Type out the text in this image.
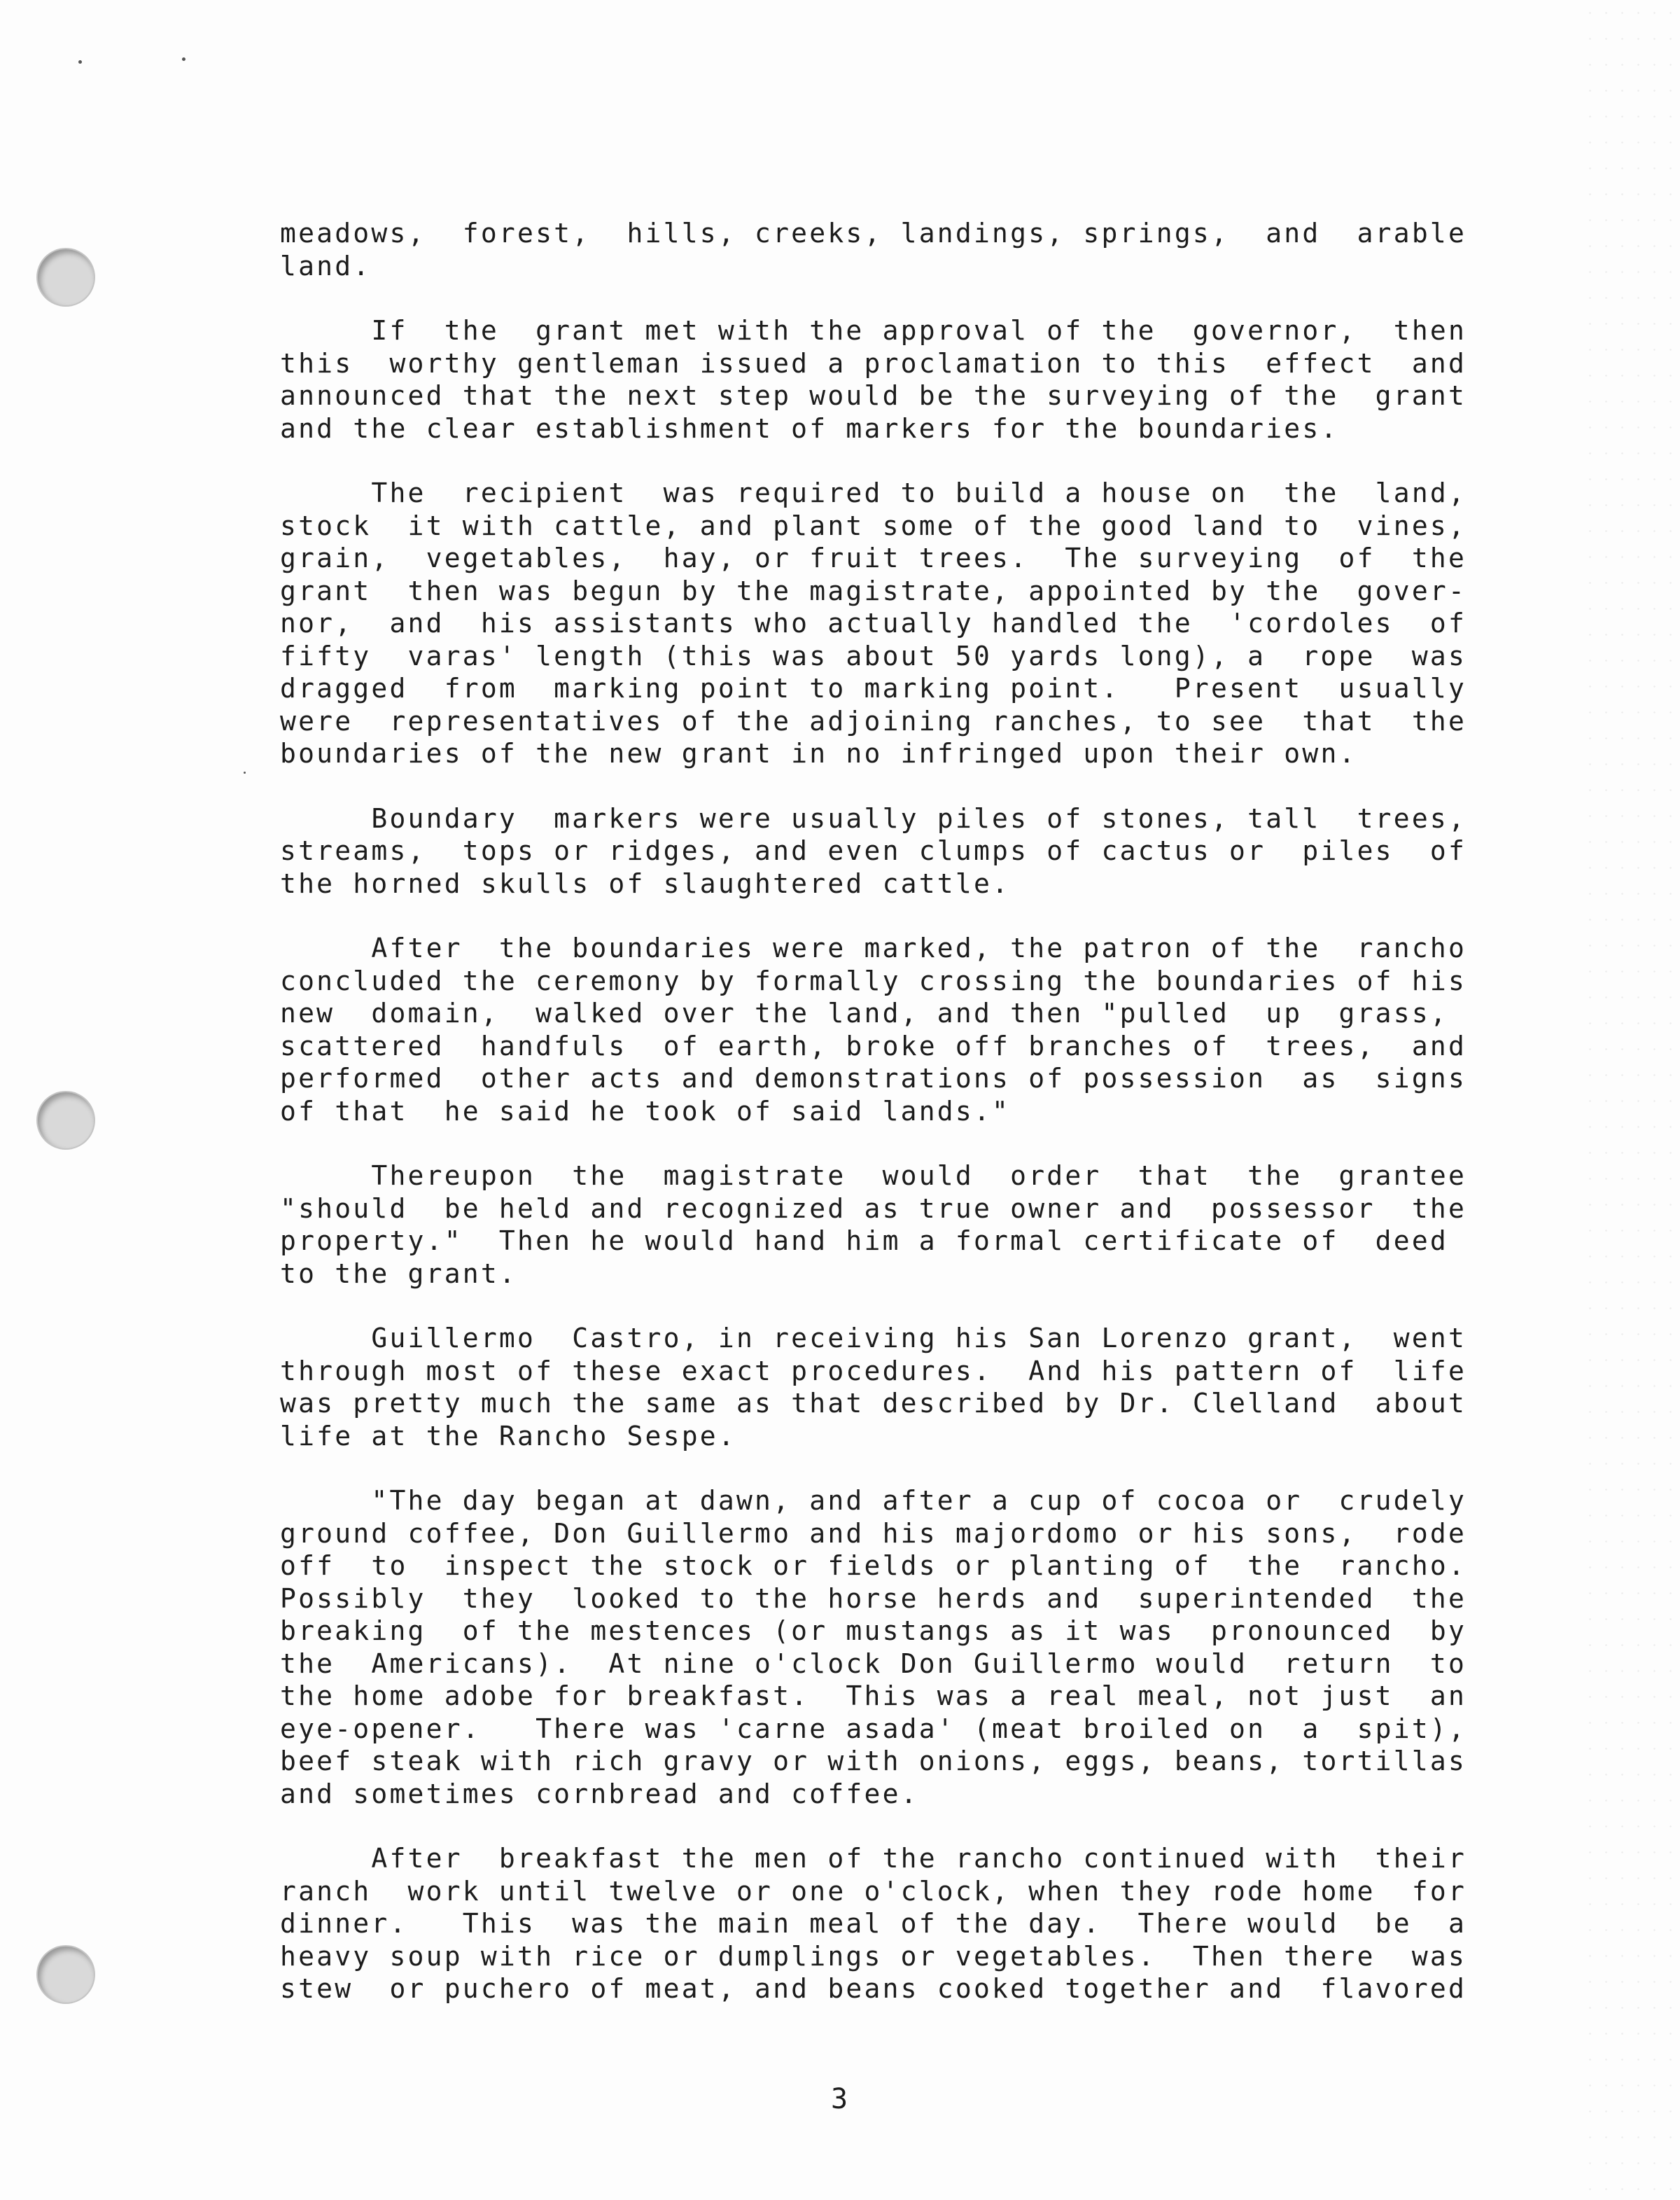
meadows,  forest,  hills, creeks, landings, springs,  and  arable
land.
If  the  grant met with the approval of the  governor,  then
this  worthy gentleman issued a proclamation to this  effect  and
announced that the next step would be the surveying of the  grant
and the clear establishment of markers for the boundaries.
The  recipient  was required to build a house on  the  land,
stock  it with cattle, and plant some of the good land to  vines,
grain,  vegetables,  hay, or fruit trees.  The surveying  of  the
grant  then was begun by the magistrate, appointed by the  gover-
nor,  and  his assistants who actually handled the  'cordoles  of
fifty  varas' length (this was about 50 yards long), a  rope  was
dragged  from  marking point to marking point.   Present  usually
were  representatives of the adjoining ranches, to see  that  the
boundaries of the new grant in no infringed upon their own.
Boundary  markers were usually piles of stones, tall  trees,
streams,  tops or ridges, and even clumps of cactus or  piles  of
the horned skulls of slaughtered cattle.
After  the boundaries were marked, the patron of the  rancho
concluded the ceremony by formally crossing the boundaries of his
new  domain,  walked over the land, and then "pulled  up  grass,
scattered  handfuls  of earth, broke off branches of  trees,  and
performed  other acts and demonstrations of possession  as  signs
of that  he said he took of said lands."
Thereupon  the  magistrate  would  order  that  the  grantee
"should  be held and recognized as true owner and  possessor  the
property."  Then he would hand him a formal certificate of  deed
to the grant.
Guillermo  Castro, in receiving his San Lorenzo grant,  went
through most of these exact procedures.  And his pattern of  life
was pretty much the same as that described by Dr. Clelland  about
life at the Rancho Sespe.
"The day began at dawn, and after a cup of cocoa or  crudely
ground coffee, Don Guillermo and his majordomo or his sons,  rode
off  to  inspect the stock or fields or planting of  the  rancho.
Possibly  they  looked to the horse herds and  superintended  the
breaking  of the mestences (or mustangs as it was  pronounced  by
the  Americans).  At nine o'clock Don Guillermo would  return  to
the home adobe for breakfast.  This was a real meal, not just  an
eye-opener.   There was 'carne asada' (meat broiled on  a  spit),
beef steak with rich gravy or with onions, eggs, beans, tortillas
and sometimes cornbread and coffee.
After  breakfast the men of the rancho continued with  their
ranch  work until twelve or one o'clock, when they rode home  for
dinner.   This  was the main meal of the day.  There would  be  a
heavy soup with rice or dumplings or vegetables.  Then there  was
stew  or puchero of meat, and beans cooked together and  flavored
3
